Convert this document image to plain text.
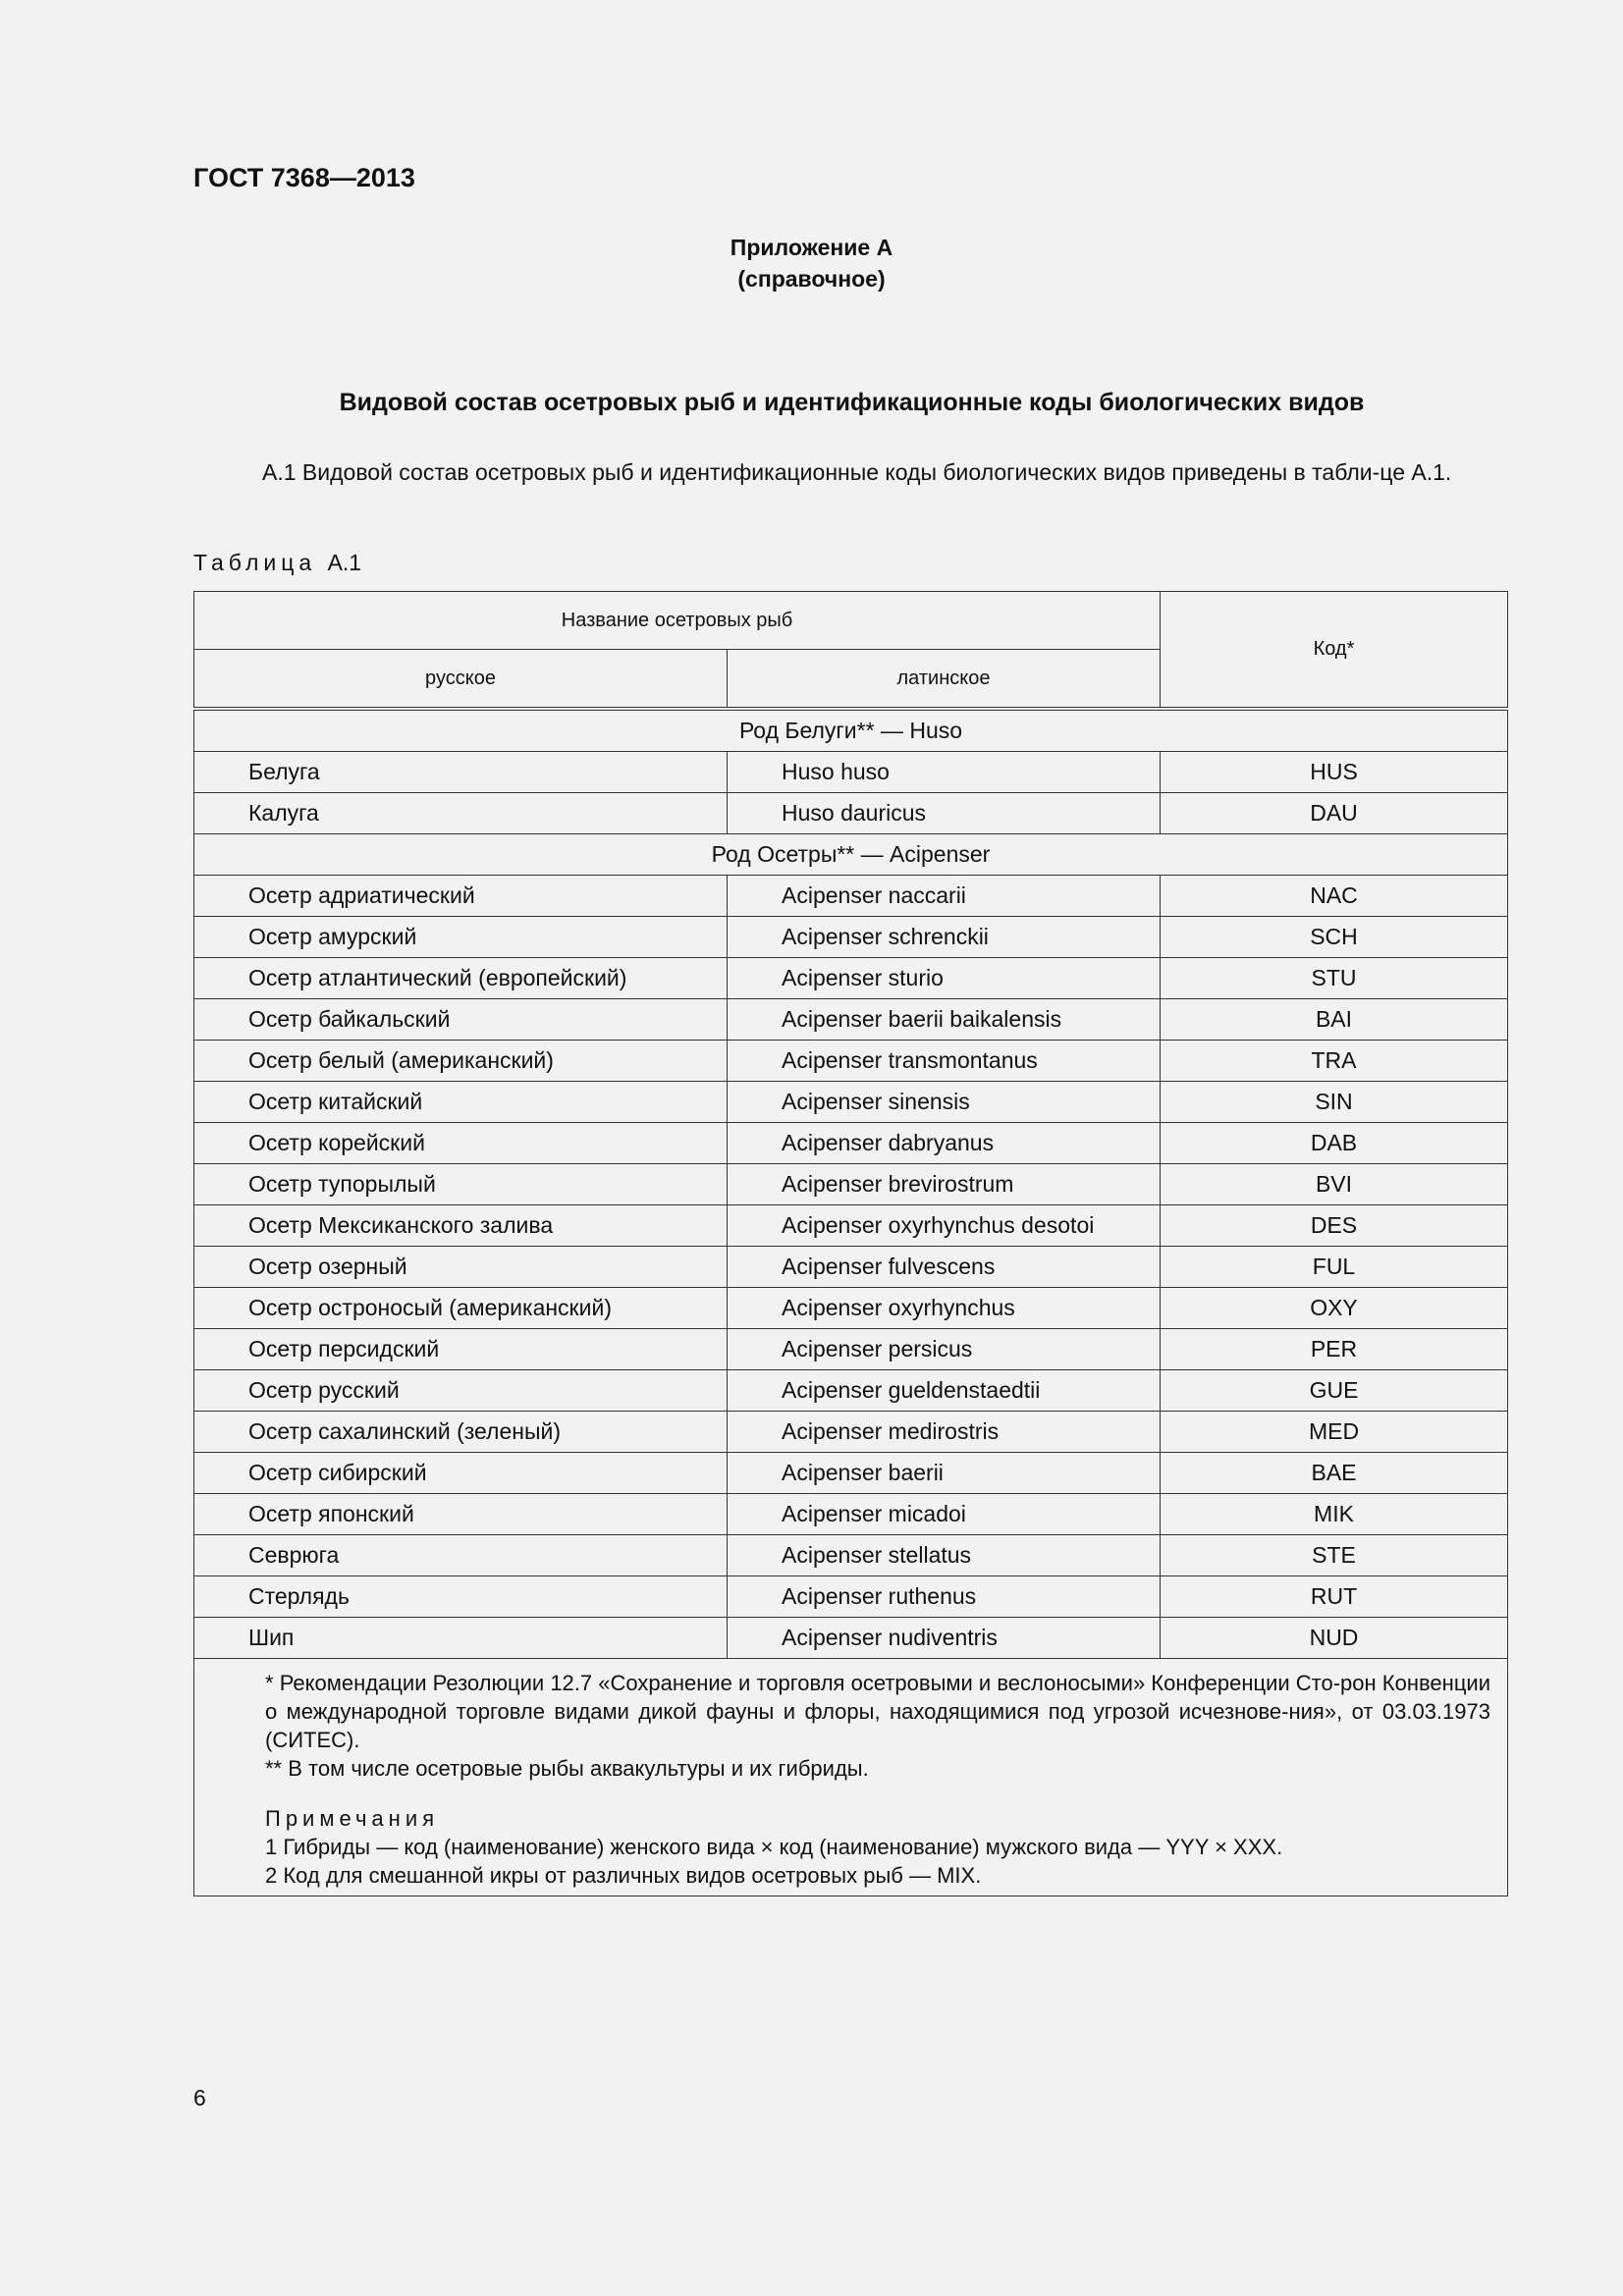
ГОСТ 7368—2013
Приложение А
(справочное)
Видовой состав осетровых рыб и идентификационные коды биологических видов
А.1 Видовой состав осетровых рыб и идентификационные коды биологических видов приведены в табли-це А.1.
Таблица А.1
Название осетровых рыб		Код*
русское	латинское	
Род Белуги** — Huso		
Белуга	Huso huso	HUS
Калуга	Huso dauricus	DAU
Род Осетры** — Acipenser		
Осетр адриатический	Acipenser naccarii	NAC
Осетр амурский	Acipenser schrenckii	SCH
Осетр атлантический (европейский)	Acipenser sturio	STU
Осетр байкальский	Acipenser baerii baikalensis	BAI
Осетр белый (американский)	Acipenser transmontanus	TRA
Осетр китайский	Acipenser sinensis	SIN
Осетр корейский	Acipenser dabryanus	DAB
Осетр тупорылый	Acipenser brevirostrum	BVI
Осетр Мексиканского залива	Acipenser oxyrhynchus desotoi	DES
Осетр озерный	Acipenser fulvescens	FUL
Осетр остроносый (американский)	Acipenser oxyrhynchus	OXY
Осетр персидский	Acipenser persicus	PER
Осетр русский	Acipenser gueldenstaedtii	GUE
Осетр сахалинский (зеленый)	Acipenser medirostris	MED
Осетр сибирский	Acipenser baerii	BAE
Осетр японский	Acipenser micadoi	MIK
Севрюга	Acipenser stellatus	STE
Стерлядь	Acipenser ruthenus	RUT
Шип	Acipenser nudiventris	NUD

* Рекомендации Резолюции 12.7 «Сохранение и торговля осетровыми и веслоносыми» Конференции Сто-рон Конвенции о международной торговле видами дикой фауны и флоры, находящимися под угрозой исчезнове-ния», от 03.03.1973 (СИТЕС).
** В том числе осетровые рыбы аквакультуры и их гибриды.
Примечания
1 Гибриды — код (наименование) женского вида × код (наименование) мужского вида — YYY × XXX.
2 Код для смешанной икры от различных видов осетровых рыб — MIX.		
6
